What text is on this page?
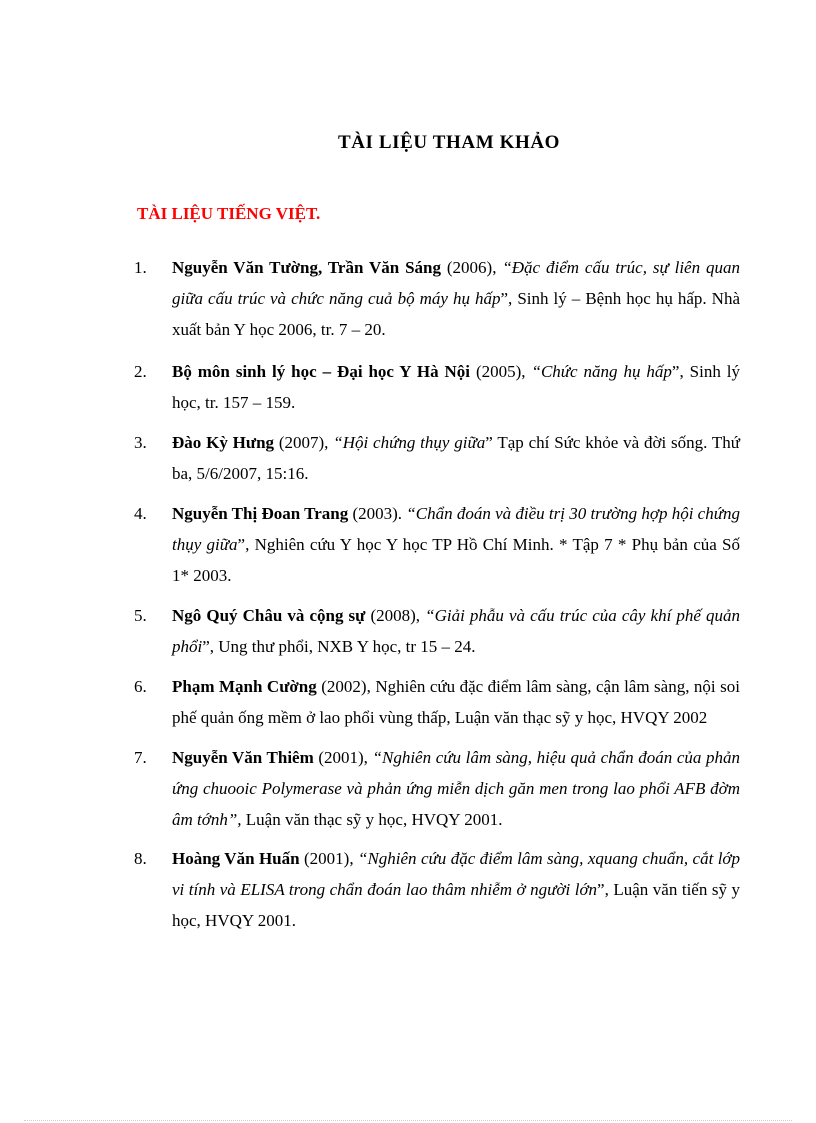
TÀI LIỆU THAM KHẢO
TÀI LIỆU TIẾNG VIỆT.
1. Nguyễn Văn Tường, Trần Văn Sáng (2006), “Đặc điểm cấu trúc, sự liên quan giữa cấu trúc và chức năng cuả bộ máy hụ hấp”, Sinh lý – Bệnh học hụ hấp. Nhà xuất bản Y học 2006, tr. 7 – 20.
2. Bộ môn sinh lý học – Đại học Y Hà Nội (2005), “Chức năng hụ hấp”, Sinh lý học, tr. 157 – 159.
3. Đào Kỳ Hưng (2007), “Hội chứng thụy giữa” Tạp chí Sức khỏe và đời sống. Thứ ba, 5/6/2007, 15:16.
4. Nguyễn Thị Đoan Trang (2003). “Chẩn đoán và điều trị 30 trường hợp hội chứng thụy giữa”, Nghiên cứu Y học Y học TP Hồ Chí Minh. * Tập 7 * Phụ bản của Số 1* 2003.
5. Ngô Quý Châu và cộng sự (2008), “Giải phẫu và cấu trúc của cây khí phế quản phổi”, Ung thư phổi, NXB Y học, tr 15 – 24.
6. Phạm Mạnh Cường (2002), Nghiên cứu đặc điểm lâm sàng, cận lâm sàng, nội soi phế quản ống mềm ở lao phổi vùng thấp, Luận văn thạc sỹ y học, HVQY 2002
7. Nguyễn Văn Thiêm (2001), “Nghiên cứu lâm sàng, hiệu quả chẩn đoán của phản ứng chuooic Polymerase và phản ứng miễn dịch găn men trong lao phổi AFB đờm âm tớnh”, Luận văn thạc sỹ y học, HVQY 2001.
8. Hoàng Văn Huấn (2001), “Nghiên cứu đặc điểm lâm sàng, xquang chuẩn, cắt lớp vi tính và ELISA trong chẩn đoán lao thâm nhiễm ở người lớn”, Luận văn tiến sỹ y học, HVQY 2001.
